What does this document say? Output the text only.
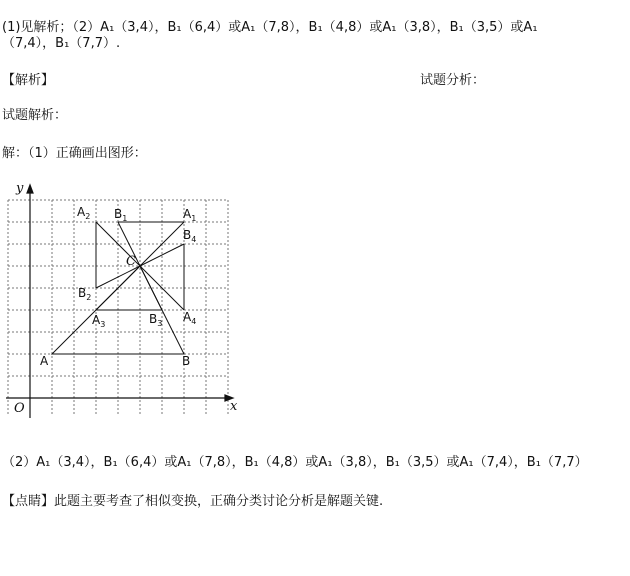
(1)见解析；（2）A₁（3,4），B₁（6,4）或A₁（7,8），B₁（4,8）或A₁（3,8），B₁（3,5）或A₁
（7,4），B₁（7,7）.
【解析】	试题分析：
试题解析：
解：（1）正确画出图形：
y
x
O
A	B
C
$A_1$
$B_1$
$A_2$
$B_2$
$A_3$	$B_3$ $A_4$
$B_4$
（2）A₁（3,4），B₁（6,4）或A₁（7,8），B₁（4,8）或A₁（3,8），B₁（3,5）或A₁（7,4），B₁（7,7）
【点睛】此题主要考查了相似变换，正确分类讨论分析是解题关键.
